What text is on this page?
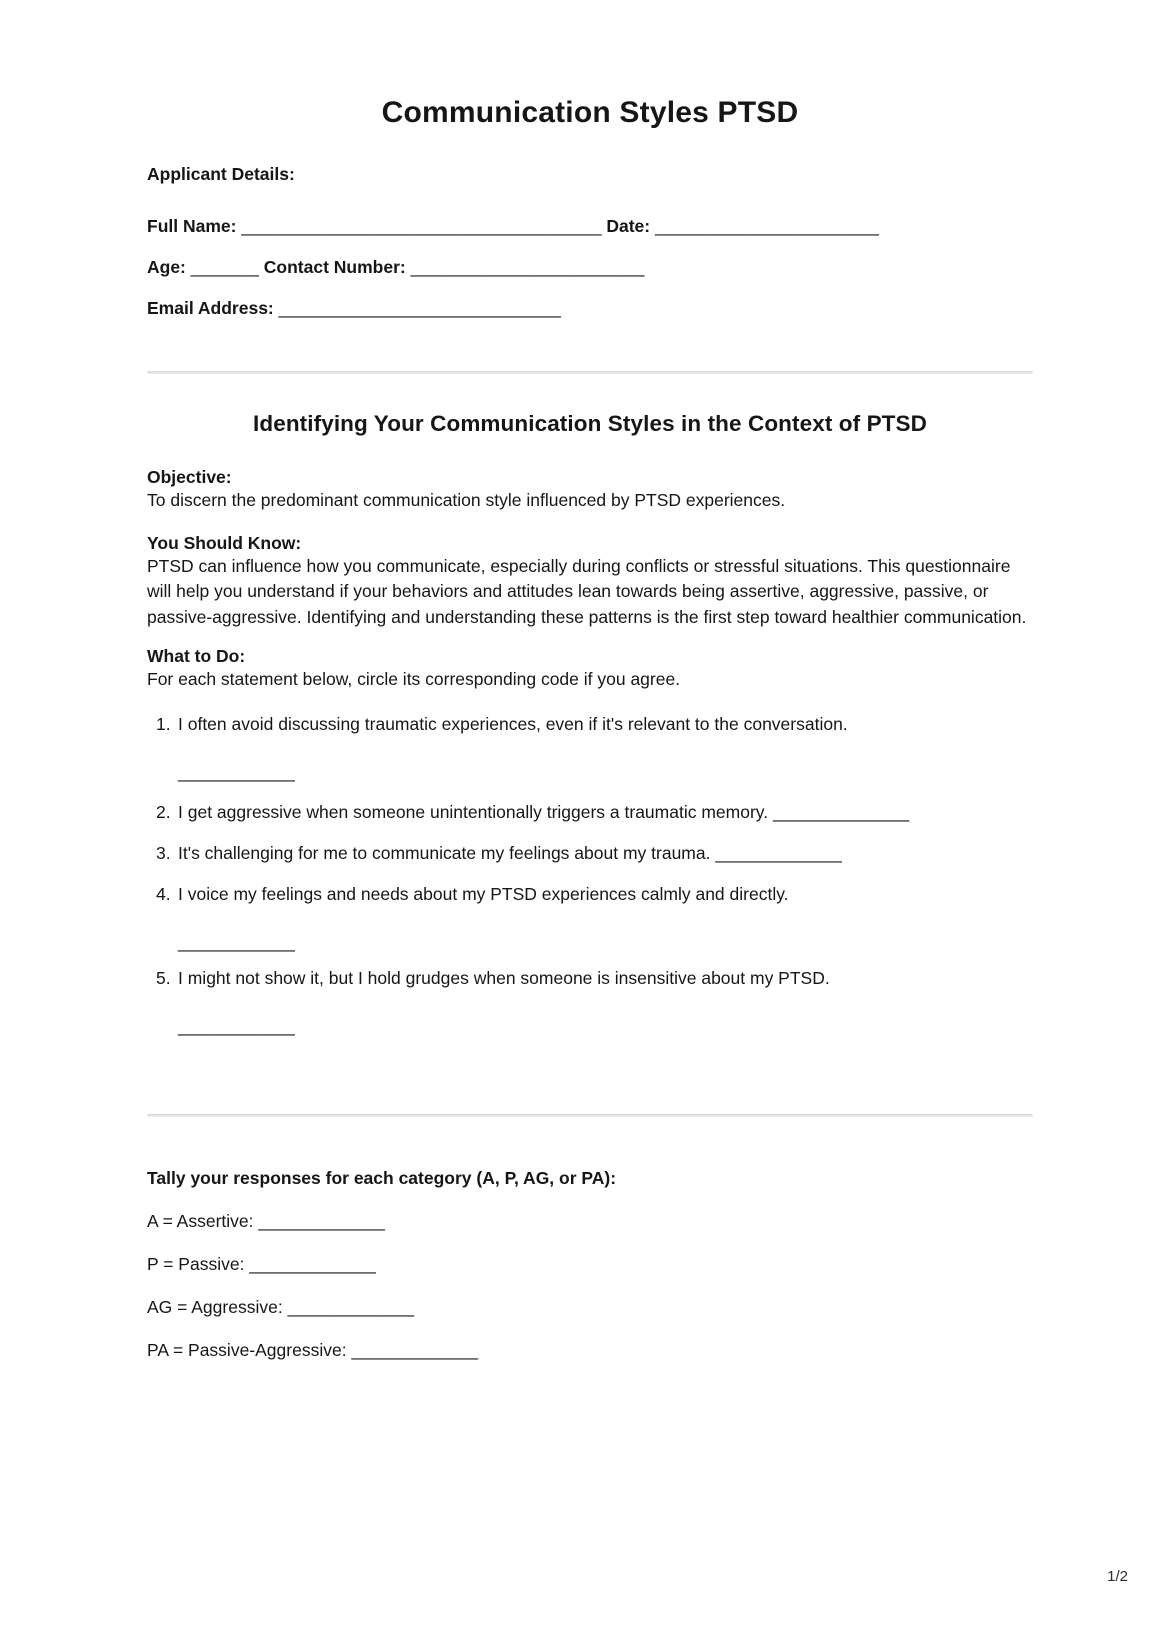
Communication Styles PTSD

Applicant Details:

Full Name: _____________________________________ Date: _______________________

Age: _______ Contact Number: ________________________

Email Address: _____________________________

Identifying Your Communication Styles in the Context of PTSD

Objective:

To discern the predominant communication style influenced by PTSD experiences.

You Should Know:

PTSD can influence how you communicate, especially during conflicts or stressful situations. This questionnaire will help you understand if your behaviors and attitudes lean towards being assertive, aggressive, passive, or passive-aggressive. Identifying and understanding these patterns is the first step toward healthier communication.

What to Do:

For each statement below, circle its corresponding code if you agree.

1. I often avoid discussing traumatic experiences, even if it's relevant to the conversation.
____________
2. I get aggressive when someone unintentionally triggers a traumatic memory. ______________
3. It's challenging for me to communicate my feelings about my trauma. _____________
4. I voice my feelings and needs about my PTSD experiences calmly and directly.
____________
5. I might not show it, but I hold grudges when someone is insensitive about my PTSD.
____________

Tally your responses for each category (A, P, AG, or PA):

A = Assertive: _____________

P = Passive: _____________

AG = Aggressive: _____________

PA = Passive-Aggressive: _____________

1/2
